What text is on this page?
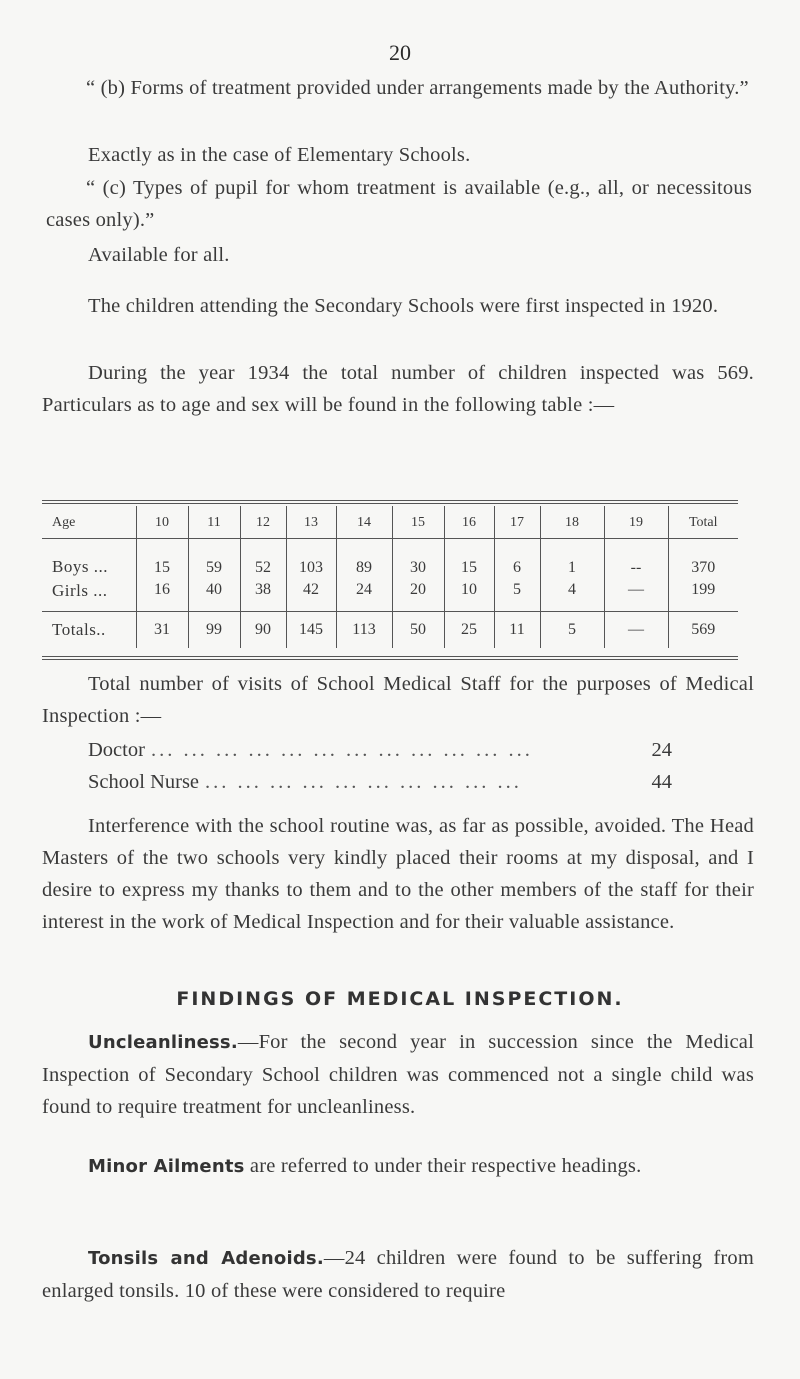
20

“ (b) Forms of treatment provided under arrangements made by the Authority.”

Exactly as in the case of Elementary Schools.

“ (c) Types of pupil for whom treatment is available (e.g., all, or necessitous cases only).”

Available for all.

The children attending the Secondary Schools were first inspected in 1920.

During the year 1934 the total number of children inspected was 569. Particulars as to age and sex will be found in the following table :—

Age	10	11	12	13	14	15	16	17	18	19	Total
Boys ...	15	59	52	103	89	30	15	6	1	--	370
Girls ...	16	40	38	42	24	20	10	5	4	—	199
Totals..	31	99	90	145	113	50	25	11	5	—	569

Total number of visits of School Medical Staff for the purposes of Medical Inspection :—

Doctor ... ... ... ... ... ... ... ... ... ... ... ...	24
School Nurse ... ... ... ... ... ... ... ... ... ...	44

Interference with the school routine was, as far as possible, avoided. The Head Masters of the two schools very kindly placed their rooms at my disposal, and I desire to express my thanks to them and to the other members of the staff for their interest in the work of Medical Inspection and for their valuable assistance.

FINDINGS OF MEDICAL INSPECTION.

Uncleanliness.—For the second year in succession since the Medical Inspection of Secondary School children was commenced not a single child was found to require treatment for uncleanliness.

Minor Ailments are referred to under their respective headings.

Tonsils and Adenoids.—24 children were found to be suffering from enlarged tonsils. 10 of these were considered to require
